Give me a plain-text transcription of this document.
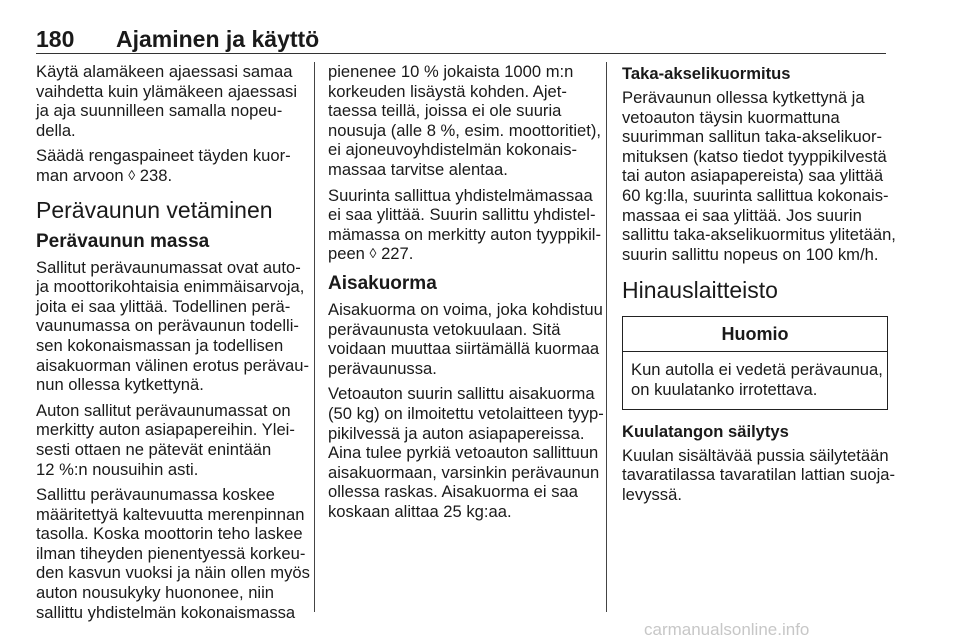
180 Ajaminen ja käyttö

Käytä alamäkeen ajaessasi samaa
vaihdetta kuin ylämäkeen ajaessasi
ja aja suunnilleen samalla nopeu-
della.

Säädä rengaspaineet täyden kuor-
man arvoon ◊ 238.

Perävaunun vetäminen
Perävaunun massa

Sallitut perävaunumassat ovat auto-
ja moottorikohtaisia enimmäisarvoja,
joita ei saa ylittää. Todellinen perä-
vaunumassa on perävaunun todelli-
sen kokonaismassan ja todellisen
aisakuorman välinen erotus perävau-
nun ollessa kytkettynä.

Auton sallitut perävaunumassat on
merkitty auton asiapapereihin. Ylei-
sesti ottaen ne pätevät enintään
12 %:n nousuihin asti.

Sallittu perävaunumassa koskee
määritettyä kaltevuutta merenpinnan
tasolla. Koska moottorin teho laskee
ilman tiheyden pienentyessä korkeu-
den kasvun vuoksi ja näin ollen myös
auton nousukyky huononee, niin
sallittu yhdistelmän kokonaismassa

pienenee 10 % jokaista 1000 m:n
korkeuden lisäystä kohden. Ajet-
taessa teillä, joissa ei ole suuria
nousuja (alle 8 %, esim. moottoritiet),
ei ajoneuvoyhdistelmän kokonais-
massaa tarvitse alentaa.

Suurinta sallittua yhdistelmämassaa
ei saa ylittää. Suurin sallittu yhdistel-
mämassa on merkitty auton tyyppikil-
peen ◊ 227.

Aisakuorma

Aisakuorma on voima, joka kohdistuu
perävaunusta vetokuulaan. Sitä
voidaan muuttaa siirtämällä kuormaa
perävaunussa.

Vetoauton suurin sallittu aisakuorma
(50 kg) on ilmoitettu vetolaitteen tyyp-
pikilvessä ja auton asiapapereissa.
Aina tulee pyrkiä vetoauton sallittuun
aisakuormaan, varsinkin perävaunun
ollessa raskas. Aisakuorma ei saa
koskaan alittaa 25 kg:aa.

Taka-akselikuormitus

Perävaunun ollessa kytkettynä ja
vetoauton täysin kuormattuna
suurimman sallitun taka-akselikuor-
mituksen (katso tiedot tyyppikilvestä
tai auton asiapapereista) saa ylittää
60 kg:lla, suurinta sallittua kokonais-
massaa ei saa ylittää. Jos suurin
sallittu taka-akselikuormitus ylitetään,
suurin sallittu nopeus on 100 km/h.

Hinauslaitteisto
Huomio
Kun autolla ei vedetä perävaunua,
on kuulatanko irrotettava.
Kuulatangon säilytys

Kuulan sisältävää pussia säilytetään
tavaratilassa tavaratilan lattian suoja-
levyssä.

carmanualsonline.info
